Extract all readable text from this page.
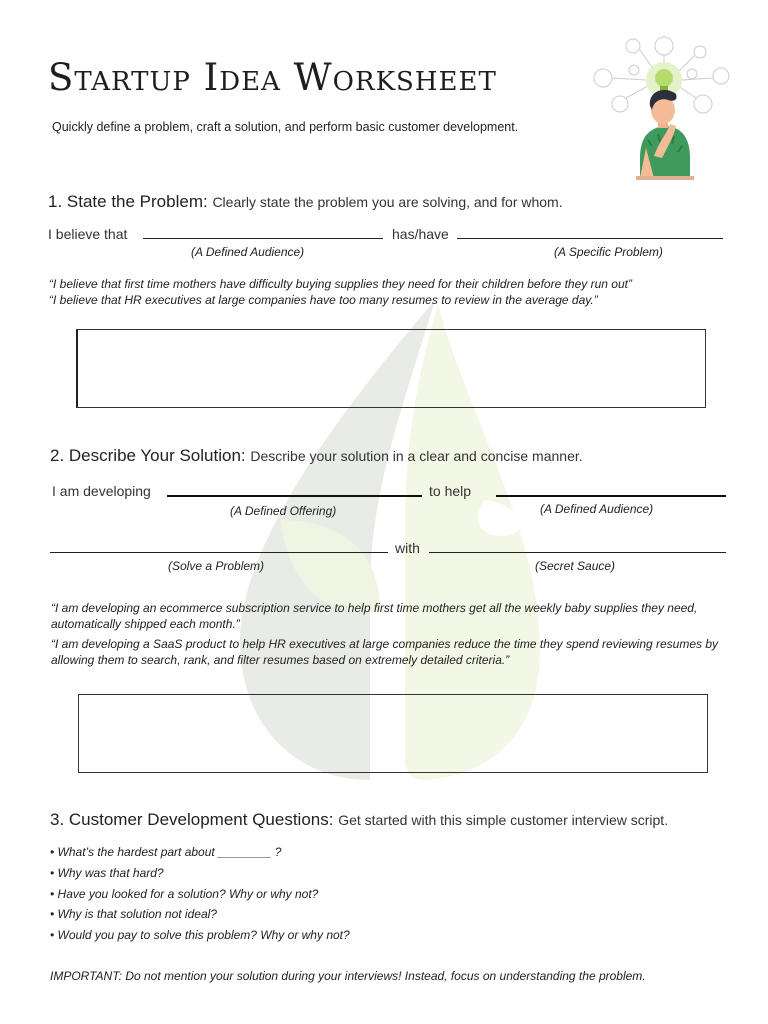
Startup Idea Worksheet
Quickly define a problem, craft a solution, and perform basic customer development.
1. State the Problem: Clearly state the problem you are solving, and for whom.
I believe that	has/have
(A Defined Audience)	(A Specific Problem)
“I believe that first time mothers have difficulty buying supplies they need for their children before they run out”
“I believe that HR executives at large companies have too many resumes to review in the average day.”
2. Describe Your Solution: Describe your solution in a clear and concise manner.
I am developing	to help
(A Defined Offering)	(A Defined Audience)
with
(Solve a Problem)	(Secret Sauce)
“I am developing an ecommerce subscription service to help first time mothers get all the weekly baby supplies they need, automatically shipped each month.”
“I am developing a SaaS product to help HR executives at large companies reduce the time they spend reviewing resumes by allowing them to search, rank, and filter resumes based on extremely detailed criteria.”
3. Customer Development Questions: Get started with this simple customer interview script.
• What’s the hardest part about ________ ?
• Why was that hard?
• Have you looked for a solution? Why or why not?
• Why is that solution not ideal?
• Would you pay to solve this problem? Why or why not?
IMPORTANT: Do not mention your solution during your interviews! Instead, focus on understanding the problem.
